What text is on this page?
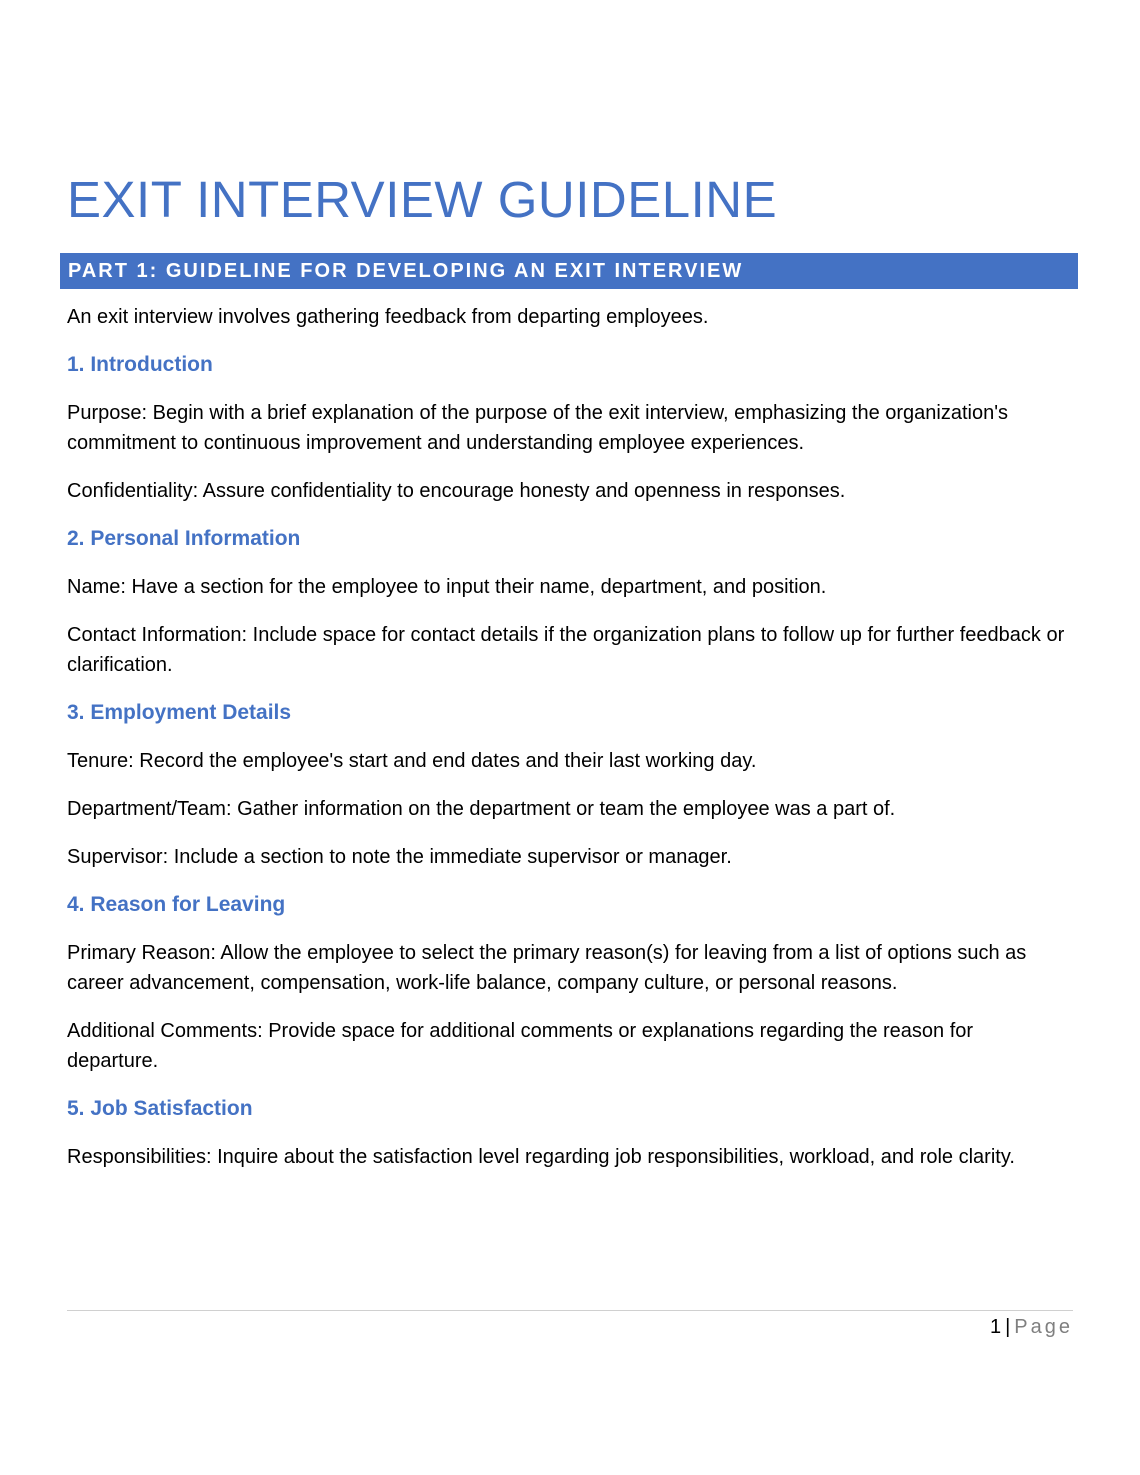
EXIT INTERVIEW GUIDELINE
PART 1: GUIDELINE FOR DEVELOPING AN EXIT INTERVIEW

An exit interview involves gathering feedback from departing employees.

1. Introduction

Purpose: Begin with a brief explanation of the purpose of the exit interview, emphasizing the organization's commitment to continuous improvement and understanding employee experiences.

Confidentiality: Assure confidentiality to encourage honesty and openness in responses.

2. Personal Information

Name: Have a section for the employee to input their name, department, and position.

Contact Information: Include space for contact details if the organization plans to follow up for further feedback or clarification.

3. Employment Details

Tenure: Record the employee's start and end dates and their last working day.

Department/Team: Gather information on the department or team the employee was a part of.

Supervisor: Include a section to note the immediate supervisor or manager.

4. Reason for Leaving

Primary Reason: Allow the employee to select the primary reason(s) for leaving from a list of options such as career advancement, compensation, work-life balance, company culture, or personal reasons.

Additional Comments: Provide space for additional comments or explanations regarding the reason for departure.

5. Job Satisfaction

Responsibilities: Inquire about the satisfaction level regarding job responsibilities, workload, and role clarity.

1 | Page
